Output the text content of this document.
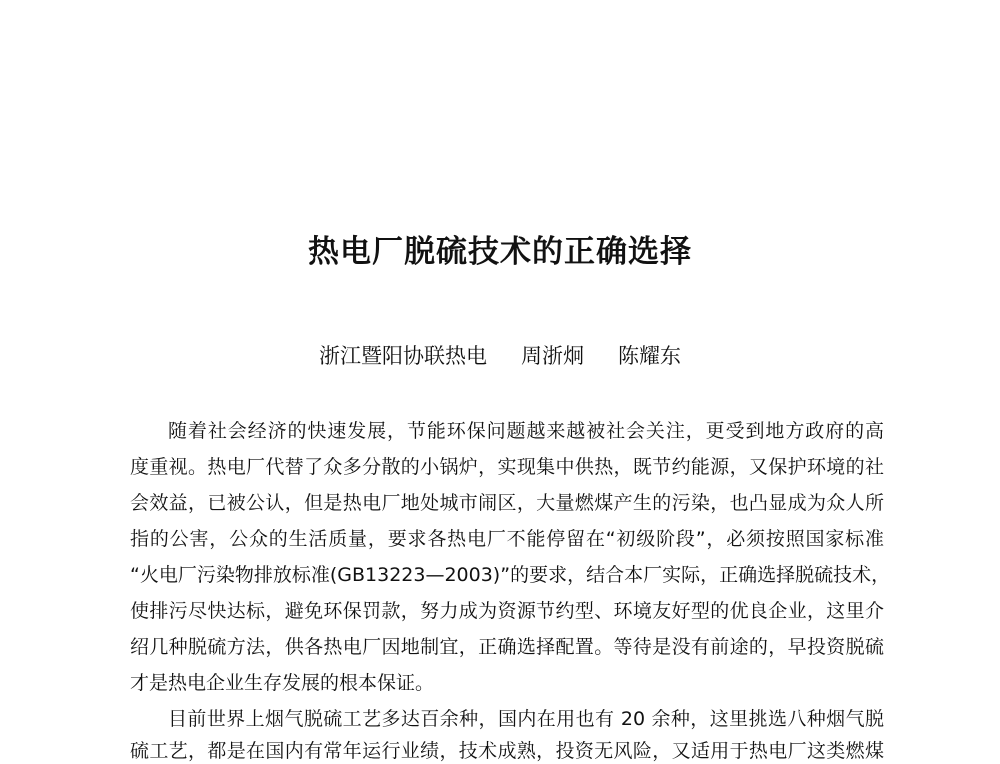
热电厂脱硫技术的正确选择
浙江暨阳协联热电 周浙炯 陈耀东
随着社会经济的快速发展，节能环保问题越来越被社会关注，更受到地方政府的高
度重视。热电厂代替了众多分散的小锅炉，实现集中供热，既节约能源，又保护环境的社
会效益，已被公认，但是热电厂地处城市闹区，大量燃煤产生的污染，也凸显成为众人所
指的公害，公众的生活质量，要求各热电厂不能停留在“初级阶段”，必须按照国家标准
“火电厂污染物排放标准(GB13223—2003)”的要求，结合本厂实际，正确选择脱硫技术，
使排污尽快达标，避免环保罚款，努力成为资源节约型、环境友好型的优良企业，这里介
绍几种脱硫方法，供各热电厂因地制宜，正确选择配置。等待是没有前途的，早投资脱硫
才是热电企业生存发展的根本保证。
目前世界上烟气脱硫工艺多达百余种，国内在用也有 20 余种，这里挑选八种烟气脱
硫工艺，都是在国内有常年运行业绩，技术成熟，投资无风险，又适用于热电厂这类燃煤
